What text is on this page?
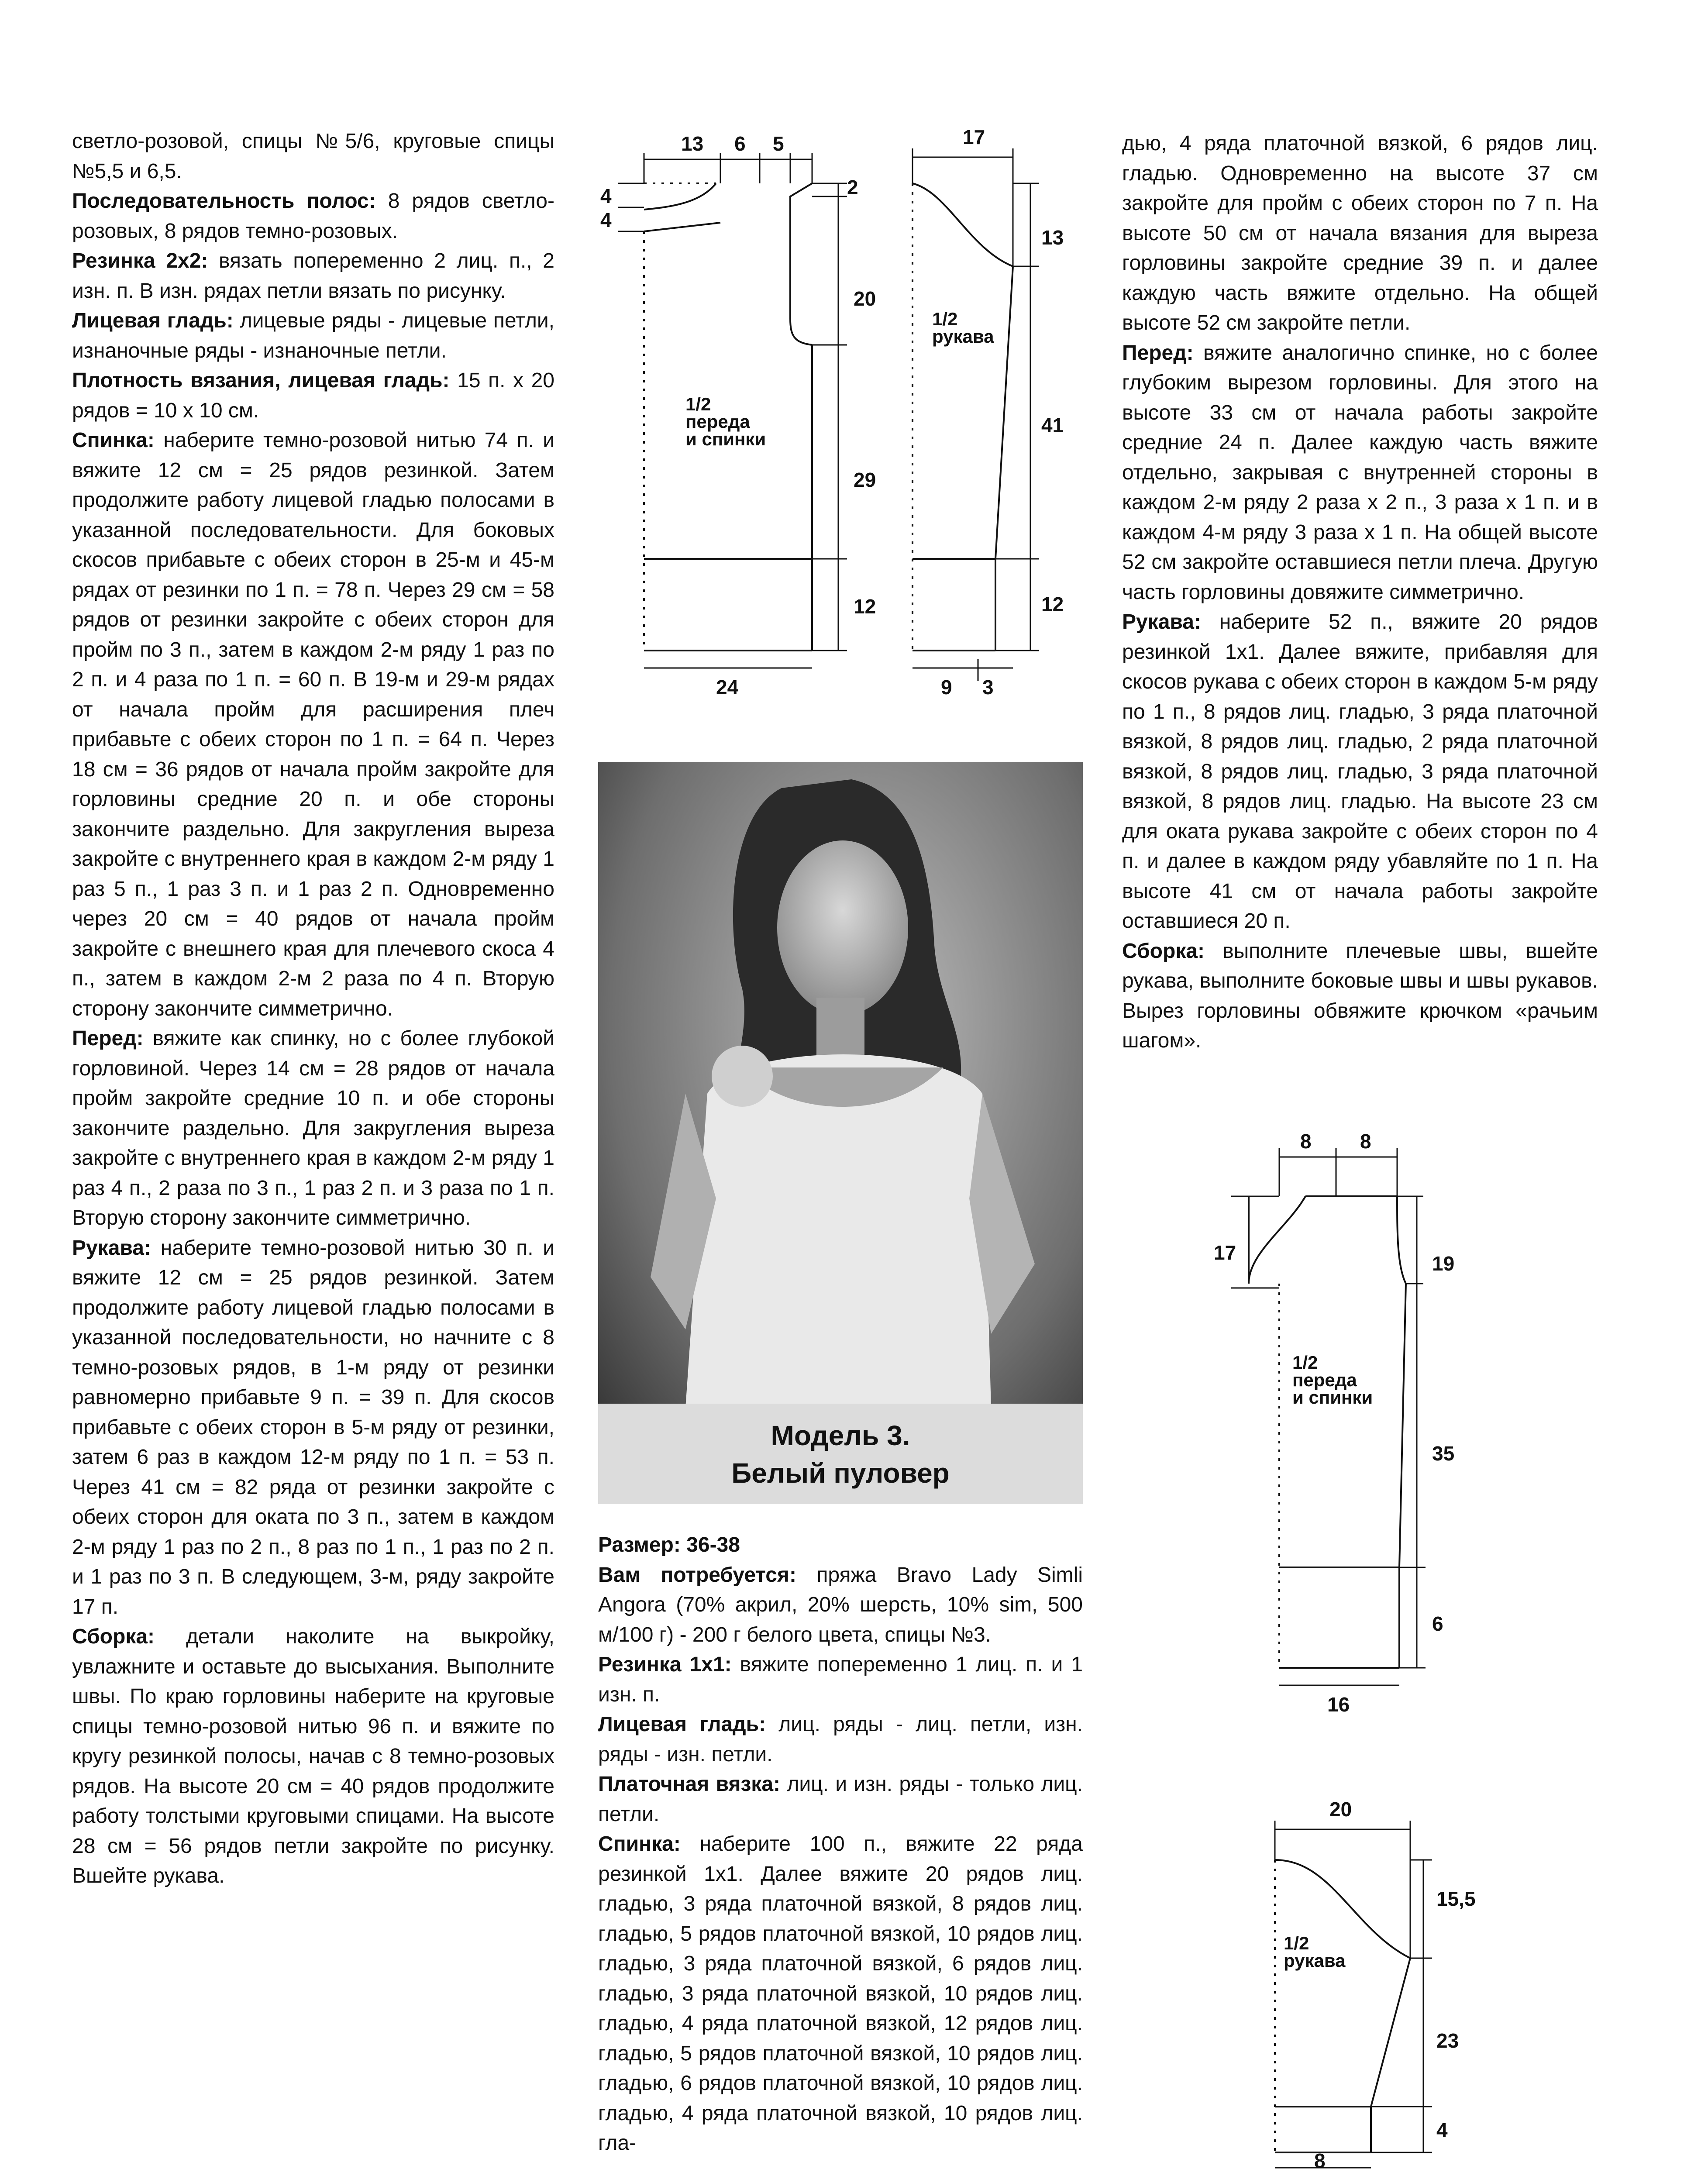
светло-розовой, спицы №5/6, круговые спицы №5,5 и 6,5.

Последовательность полос: 8 рядов светло-розовых, 8 рядов темно-розовых.

Резинка 2х2: вязать попеременно 2 лиц. п., 2 изн. п. В изн. рядах петли вязать по рисунку.

Лицевая гладь: лицевые ряды - лицевые петли, изнаночные ряды - изнаночные петли.

Плотность вязания, лицевая гладь: 15 п. х 20 рядов = 10 х 10 см.

Спинка: наберите темно-розовой нитью 74 п. и вяжите 12 см = 25 рядов резинкой. Затем продолжите работу лицевой гладью полосами в указанной последовательности. Для боковых скосов прибавьте с обеих сторон в 25-м и 45-м рядах от резинки по 1 п. = 78 п. Через 29 см = 58 рядов от резинки закройте с обеих сторон для пройм по 3 п., затем в каждом 2-м ряду 1 раз по 2 п. и 4 раза по 1 п. = 60 п. В 19-м и 29-м рядах от начала пройм для расширения плеч прибавьте с обеих сторон по 1 п. = 64 п. Через 18 см = 36 рядов от начала пройм закройте для горловины средние 20 п. и обе стороны закончите раздельно. Для закругления выреза закройте с внутреннего края в каждом 2-м ряду 1 раз 5 п., 1 раз 3 п. и 1 раз 2 п. Одновременно через 20 см = 40 рядов от начала пройм закройте с внешнего края для плечевого скоса 4 п., затем в каждом 2-м 2 раза по 4 п. Вторую сторону закончите симметрично.

Перед: вяжите как спинку, но с более глубокой горловиной. Через 14 см = 28 рядов от начала пройм закройте средние 10 п. и обе стороны закончите раздельно. Для закругления выреза закройте с внутреннего края в каждом 2-м ряду 1 раз 4 п., 2 раза по 3 п., 1 раз 2 п. и 3 раза по 1 п. Вторую сторону закончите симметрично.

Рукава: наберите темно-розовой нитью 30 п. и вяжите 12 см = 25 рядов резинкой. Затем продолжите работу лицевой гладью полосами в указанной последовательности, но начните с 8 темно-розовых рядов, в 1-м ряду от резинки равномерно прибавьте 9 п. = 39 п. Для скосов прибавьте с обеих сторон в 5-м ряду от резинки, затем 6 раз в каждом 12-м ряду по 1 п. = 53 п. Через 41 см = 82 ряда от резинки закройте с обеих сторон для оката по 3 п., затем в каждом 2-м ряду 1 раз по 2 п., 8 раз по 1 п., 1 раз по 2 п. и 1 раз по 3 п. В следующем, 3-м, ряду закройте 17 п.

Сборка: детали наколите на выкройку, увлажните и оставьте до высыхания. Выполните швы. По краю горловины наберите на круговые спицы темно-розовой нитью 96 п. и вяжите по кругу резинкой полосы, начав с 8 темно-розовых рядов. На высоте 20 см = 40 рядов продолжите работу толстыми круговыми спицами. На высоте 28 см = 56 рядов петли закройте по рисунку. Вшейте рукава.

13 6 5
4
4
2
20
29
12
24
1/2
переда
и спинки
17
13
41
12
9 3
1/2
рукава
Модель 3.
Белый пуловер

Размер: 36-38

Вам потребуется: пряжа Bravo Lady Simli Angora (70% акрил, 20% шерсть, 10% sim, 500 м/100 г) - 200 г белого цвета, спицы №3.

Резинка 1х1: вяжите попеременно 1 лиц. п. и 1 изн. п.

Лицевая гладь: лиц. ряды - лиц. петли, изн. ряды - изн. петли.

Платочная вязка: лиц. и изн. ряды - только лиц. петли.

Спинка: наберите 100 п., вяжите 22 ряда резинкой 1х1. Далее вяжите 20 рядов лиц. гладью, 3 ряда платочной вязкой, 8 рядов лиц. гладью, 5 рядов платочной вязкой, 10 рядов лиц. гладью, 3 ряда платочной вязкой, 6 рядов лиц. гладью, 3 ряда платочной вязкой, 10 рядов лиц. гладью, 4 ряда платочной вязкой, 12 рядов лиц. гладью, 5 рядов платочной вязкой, 10 рядов лиц. гладью, 6 рядов платочной вязкой, 10 рядов лиц. гладью, 4 ряда платочной вязкой, 10 рядов лиц. гла-

дью, 4 ряда платочной вязкой, 6 рядов лиц. гладью. Одновременно на высоте 37 см закройте для пройм с обеих сторон по 7 п. На высоте 50 см от начала вязания для выреза горловины закройте средние 39 п. и далее каждую часть вяжите отдельно. На общей высоте 52 см закройте петли.

Перед: вяжите аналогично спинке, но с более глубоким вырезом горловины. Для этого на высоте 33 см от начала работы закройте средние 24 п. Далее каждую часть вяжите отдельно, закрывая с внутренней стороны в каждом 2-м ряду 2 раза х 2 п., 3 раза х 1 п. и в каждом 4-м ряду 3 раза х 1 п. На общей высоте 52 см закройте оставшиеся петли плеча. Другую часть горловины довяжите симметрично.

Рукава: наберите 52 п., вяжите 20 рядов резинкой 1х1. Далее вяжите, прибавляя для скосов рукава с обеих сторон в каждом 5-м ряду по 1 п., 8 рядов лиц. гладью, 3 ряда платочной вязкой, 8 рядов лиц. гладью, 2 ряда платочной вязкой, 8 рядов лиц. гладью, 3 ряда платочной вязкой, 8 рядов лиц. гладью. На высоте 23 см для оката рукава закройте с обеих сторон по 4 п. и далее в каждом ряду убавляйте по 1 п. На высоте 41 см от начала работы закройте оставшиеся 20 п.

Сборка: выполните плечевые швы, вшейте рукава, выполните боковые швы и швы рукавов. Вырез горловины обвяжите крючком «рачьим шагом».

8 8
17	19
35
6
16
1/2
переда
и спинки
20
15,5
23
4
8
1/2
рукава
